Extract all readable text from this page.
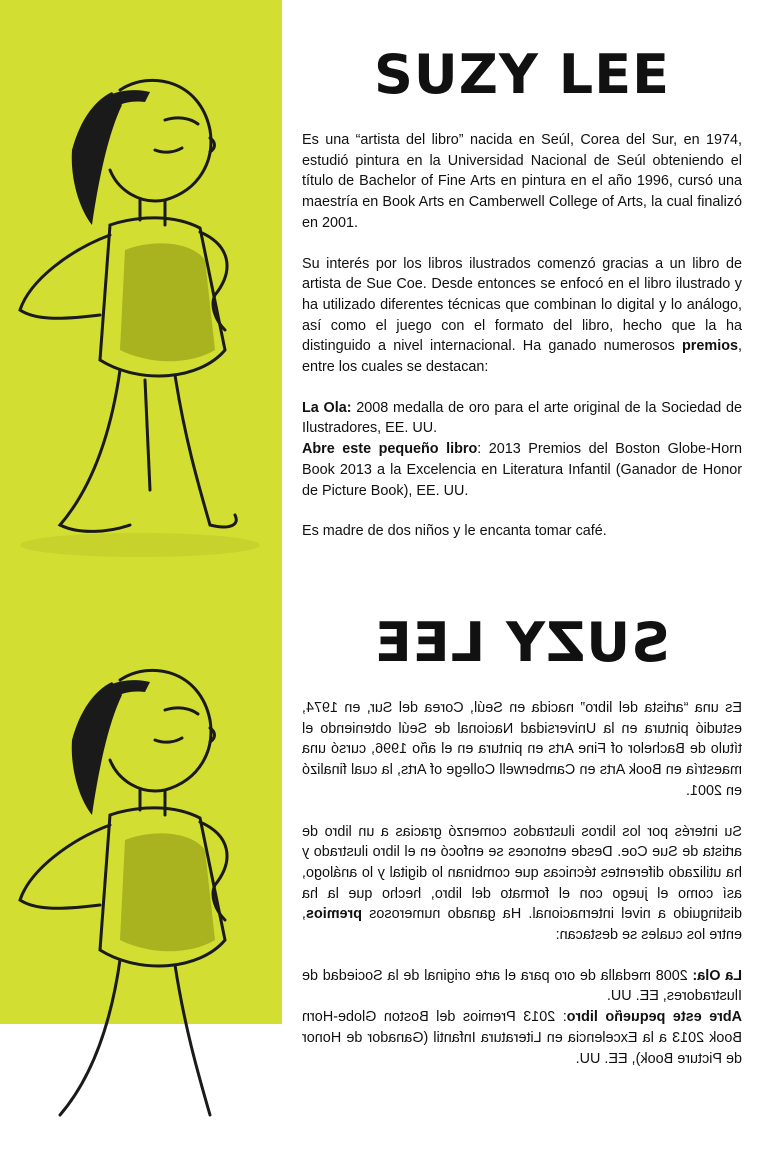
SUZY LEE

Es una “artista del libro” nacida en Seúl, Corea del Sur, en 1974, estudió pintura en la Universidad Nacional de Seúl obteniendo el título de Bachelor of Fine Arts en pintura en el año 1996, cursó una maestría en Book Arts en Camberwell College of Arts, la cual finalizó en 2001.

Su interés por los libros ilustrados comenzó gracias a un libro de artista de Sue Coe. Desde entonces se enfocó en el libro ilustrado y ha utilizado diferentes técnicas que combinan lo digital y lo análogo, así como el juego con el formato del libro, hecho que la ha distinguido a nivel internacional. Ha ganado numerosos premios, entre los cuales se destacan:

La Ola: 2008 medalla de oro para el arte original de la Sociedad de Ilustradores, EE. UU.

Abre este pequeño libro: 2013 Premios del Boston Globe-Horn Book 2013 a la Excelencia en Literatura Infantil (Ganador de Honor de Picture Book), EE. UU.

Es madre de dos niños y le encanta tomar café.

SUZY LEE

Es una “artista del libro” nacida en Seúl, Corea del Sur, en 1974, estudió pintura en la Universidad Nacional de Seúl obteniendo el título de Bachelor of Fine Arts en pintura en el año 1996, cursó una maestría en Book Arts en Camberwell College of Arts, la cual finalizó en 2001.

Su interés por los libros ilustrados comenzó gracias a un libro de artista de Sue Coe. Desde entonces se enfocó en el libro ilustrado y ha utilizado diferentes técnicas que combinan lo digital y lo análogo, así como el juego con el formato del libro, hecho que la ha distinguido a nivel internacional. Ha ganado numerosos premios, entre los cuales se destacan:

La Ola: 2008 medalla de oro para el arte original de la Sociedad de Ilustradores, EE. UU.

Abre este pequeño libro: 2013 Premios del Boston Globe-Horn Book 2013 a la Excelencia en Literatura Infantil (Ganador de Honor de Picture Book), EE. UU.
